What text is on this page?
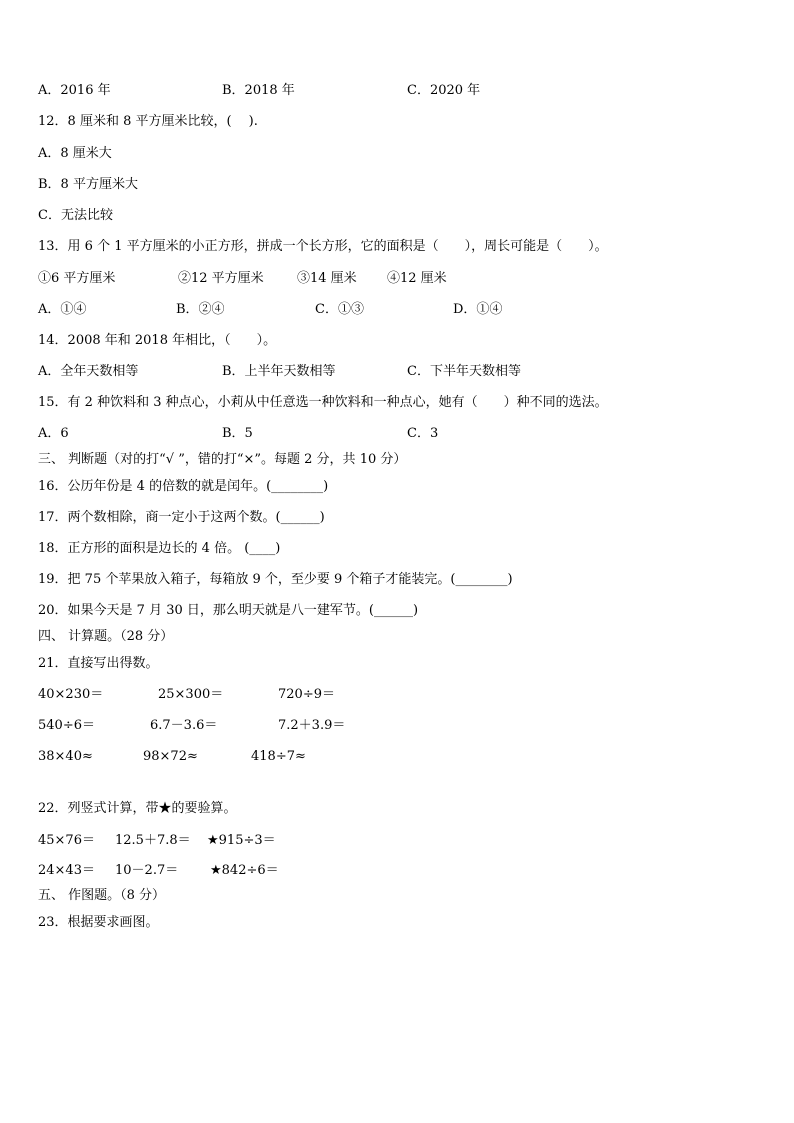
A．2016 年	B．2018 年	C．2020 年
12．8 厘米和 8 平方厘米比较，(　 ).
A．8 厘米大
B．8 平方厘米大
C．无法比较
13．用 6 个 1 平方厘米的小正方形，拼成一个长方形，它的面积是（　　），周长可能是（　　）。
①6 平方厘米	②12 平方厘米	③14 厘米 ④12 厘米
A．①④	B．②④	C．①③	D．①④
14．2008 年和 2018 年相比，（　　）。
A．全年天数相等	B．上半年天数相等	C．下半年天数相等
15．有 2 种饮料和 3 种点心，小莉从中任意选一种饮料和一种点心，她有（　　）种不同的选法。
A．6	B．5	C．3
三、 判断题（对的打“√ ”，错的打“×”。每题 2 分，共 10 分）
16．公历年份是 4 的倍数的就是闰年。(________)
17．两个数相除，商一定小于这两个数。(______)
18．正方形的面积是边长的 4 倍。 (____)
19．把 75 个苹果放入箱子，每箱放 9 个，至少要 9 个箱子才能装完。(________)
20．如果今天是 7 月 30 日，那么明天就是八一建军节。(______)
四、 计算题。（28 分）
21．直接写出得数。
40×230＝	25×300＝	720÷9＝
540÷6＝	6.7－3.6＝	7.2＋3.9＝
38×40≈	98×72≈	418÷7≈
22．列竖式计算，带★的要验算。
45×76＝ 12.5＋7.8＝ ★915÷3＝
24×43＝ 10－2.7＝ ★842÷6＝
五、 作图题。（8 分）
23．根据要求画图。
